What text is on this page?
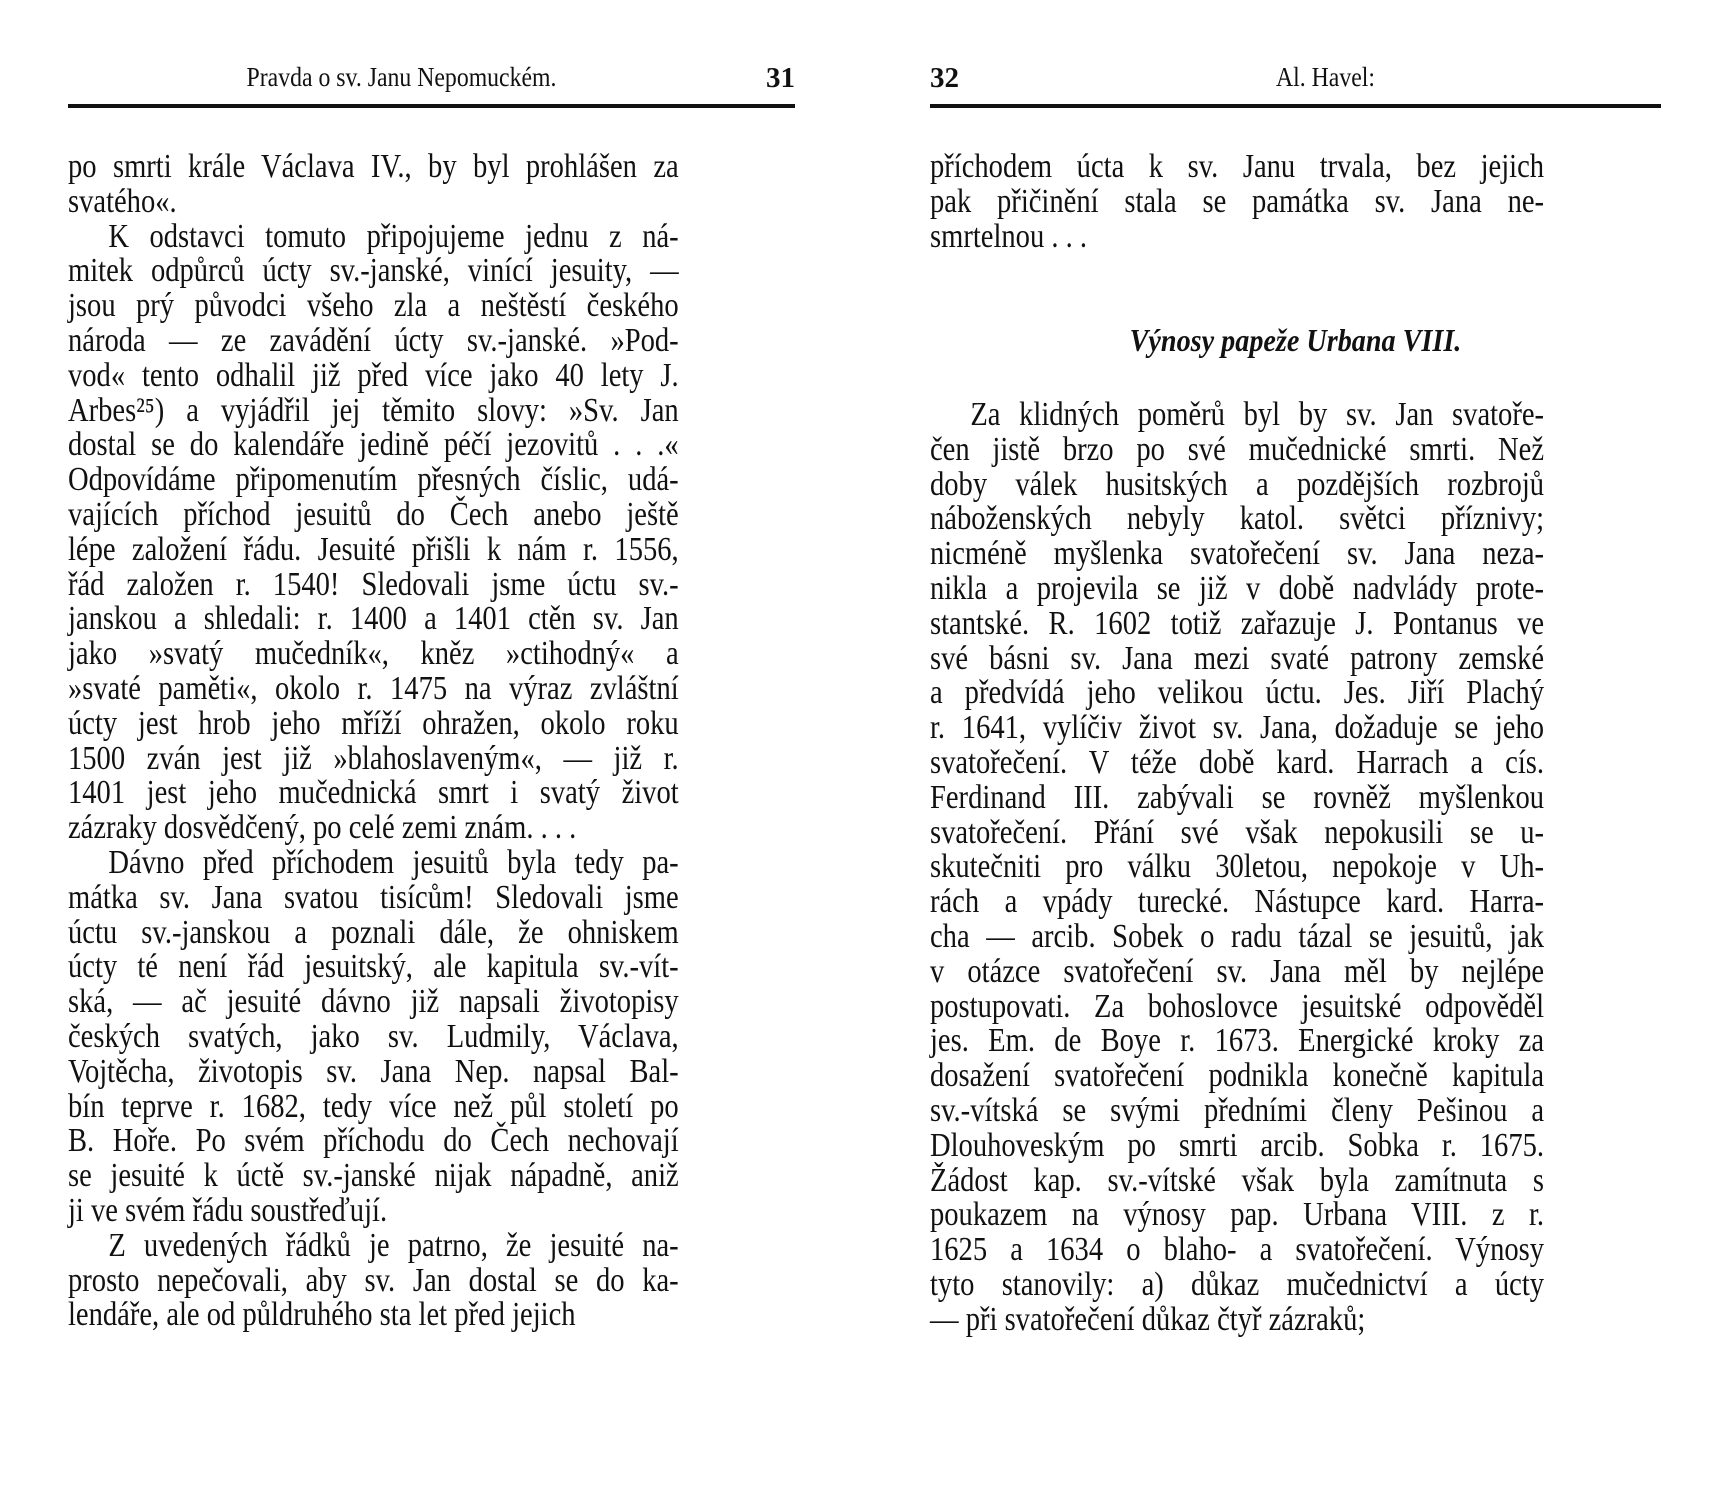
Pravda o sv. Janu Nepomuckém.	31
po smrti krále Václava IV., by byl prohlášen za
svatého«.
K odstavci tomuto připojujeme jednu z ná-
mitek odpůrců úcty sv.-janské, vinící jesuity, —
jsou prý původci všeho zla a neštěstí českého
národa — ze zavádění úcty sv.-janské. »Pod-
vod« tento odhalil již před více jako 40 lety J.
Arbes²⁵) a vyjádřil jej těmito slovy: »Sv. Jan
dostal se do kalendáře jedině péčí jezovitů . . .«
Odpovídáme připomenutím přesných číslic, udá-
vajících příchod jesuitů do Čech anebo ještě
lépe založení řádu. Jesuité přišli k nám r. 1556,
řád založen r. 1540! Sledovali jsme úctu sv.-
janskou a shledali: r. 1400 a 1401 ctěn sv. Jan
jako »svatý mučedník«, kněz »ctihodný« a
»svaté paměti«, okolo r. 1475 na výraz zvláštní
úcty jest hrob jeho mříží ohražen, okolo roku
1500 zván jest již »blahoslaveným«, — již r.
1401 jest jeho mučednická smrt i svatý život
zázraky dosvědčený, po celé zemi znám. . . .
Dávno před příchodem jesuitů byla tedy pa-
mátka sv. Jana svatou tisícům! Sledovali jsme
úctu sv.-janskou a poznali dále, že ohniskem
úcty té není řád jesuitský, ale kapitula sv.-vít-
ská, — ač jesuité dávno již napsali životopisy
českých svatých, jako sv. Ludmily, Václava,
Vojtěcha, životopis sv. Jana Nep. napsal Bal-
bín teprve r. 1682, tedy více než půl století po
B. Hoře. Po svém příchodu do Čech nechovají
se jesuité k úctě sv.-janské nijak nápadně, aniž
ji ve svém řádu soustřeďují.
Z uvedených řádků je patrno, že jesuité na-
prosto nepečovali, aby sv. Jan dostal se do ka-
lendáře, ale od půldruhého sta let před jejich
32	Al. Havel:
příchodem úcta k sv. Janu trvala, bez jejich
pak přičinění stala se památka sv. Jana ne-
smrtelnou . . .
Výnosy papeže Urbana VIII.
Za klidných poměrů byl by sv. Jan svatoře-
čen jistě brzo po své mučednické smrti. Než
doby válek husitských a pozdějších rozbrojů
náboženských nebyly katol. světci příznivy;
nicméně myšlenka svatořečení sv. Jana neza-
nikla a projevila se již v době nadvlády prote-
stantské. R. 1602 totiž zařazuje J. Pontanus ve
své básni sv. Jana mezi svaté patrony zemské
a předvídá jeho velikou úctu. Jes. Jiří Plachý
r. 1641, vylíčiv život sv. Jana, dožaduje se jeho
svatořečení. V téže době kard. Harrach a cís.
Ferdinand III. zabývali se rovněž myšlenkou
svatořečení. Přání své však nepokusili se u-
skutečniti pro válku 30letou, nepokoje v Uh-
rách a vpády turecké. Nástupce kard. Harra-
cha — arcib. Sobek o radu tázal se jesuitů, jak
v otázce svatořečení sv. Jana měl by nejlépe
postupovati. Za bohoslovce jesuitské odpověděl
jes. Em. de Boye r. 1673. Energické kroky za
dosažení svatořečení podnikla konečně kapitula
sv.-vítská se svými předními členy Pešinou a
Dlouhoveským po smrti arcib. Sobka r. 1675.
Žádost kap. sv.-vítské však byla zamítnuta s
poukazem na výnosy pap. Urbana VIII. z r.
1625 a 1634 o blaho- a svatořečení. Výnosy
tyto stanovily: a) důkaz mučednictví a úcty
— při svatořečení důkaz čtyř zázraků;
